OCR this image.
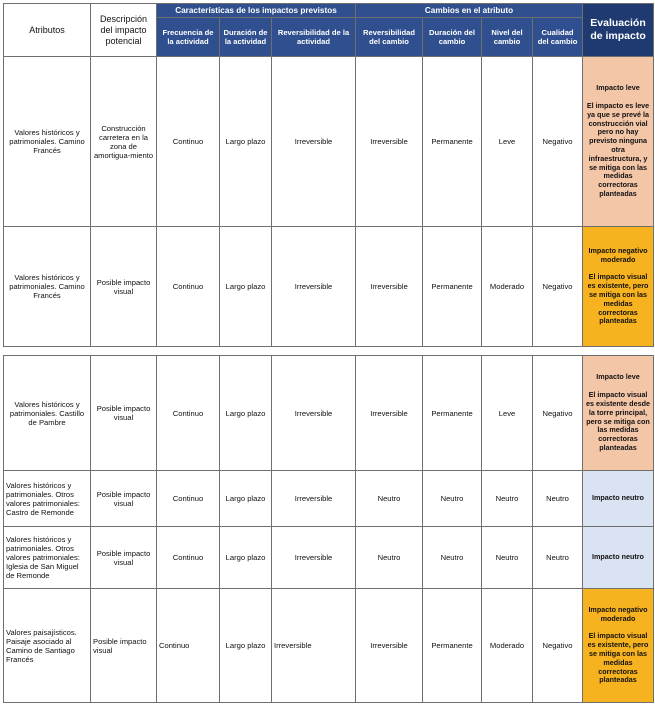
Atributos	Descripción del impacto potencial	Características de los impactos previstos			Cambios en el atributo				Evaluación de impacto
		Frecuencia de la actividad	Duración de la actividad	Reversibilidad de la actividad	Reversibilidad del cambio	Duración del cambio	Nivel del cambio	Cualidad del cambio	
Valores históricos y patrimoniales. Camino Francés	Construcción carretera en la zona de amortigua-miento	Continuo	Largo plazo	Irreversible	Irreversible	Permanente	Leve	Negativo	Impacto leve
El impacto es leve ya que se prevé la construcción vial pero no hay previsto ninguna otra infraestructura, y se mitiga con las medidas correctoras planteadas

Valores históricos y patrimoniales. Camino Francés	Posible impacto visual	Continuo	Largo plazo	Irreversible	Irreversible	Permanente	Moderado	Negativo	Impacto negativo moderado
El impacto visual es existente, pero se mitiga con las medidas correctoras planteadas
Valores históricos y patrimoniales. Castillo de Pambre	Posible impacto visual	Continuo	Largo plazo	Irreversible	Irreversible	Permanente	Leve	Negativo	Impacto leve
El impacto visual es existente desde la torre principal, pero se mitiga con las medidas correctoras planteadas

Valores históricos y patrimoniales. Otros valores patrimoniales: Castro de Remonde	Posible impacto visual	Continuo	Largo plazo	Irreversible	Neutro	Neutro	Neutro	Neutro	Impacto neutro

Valores históricos y patrimoniales. Otros valores patrimoniales: Iglesia de San Miguel de Remonde	Posible impacto visual	Continuo	Largo plazo	Irreversible	Neutro	Neutro	Neutro	Neutro	Impacto neutro

Valores paisajísticos. Paisaje asociado al Camino de Santiago Francés	Posible impacto visual	Continuo	Largo plazo	Irreversible	Irreversible	Permanente	Moderado	Negativo	Impacto negativo moderado
El impacto visual es existente, pero se mitiga con las medidas correctoras planteadas
